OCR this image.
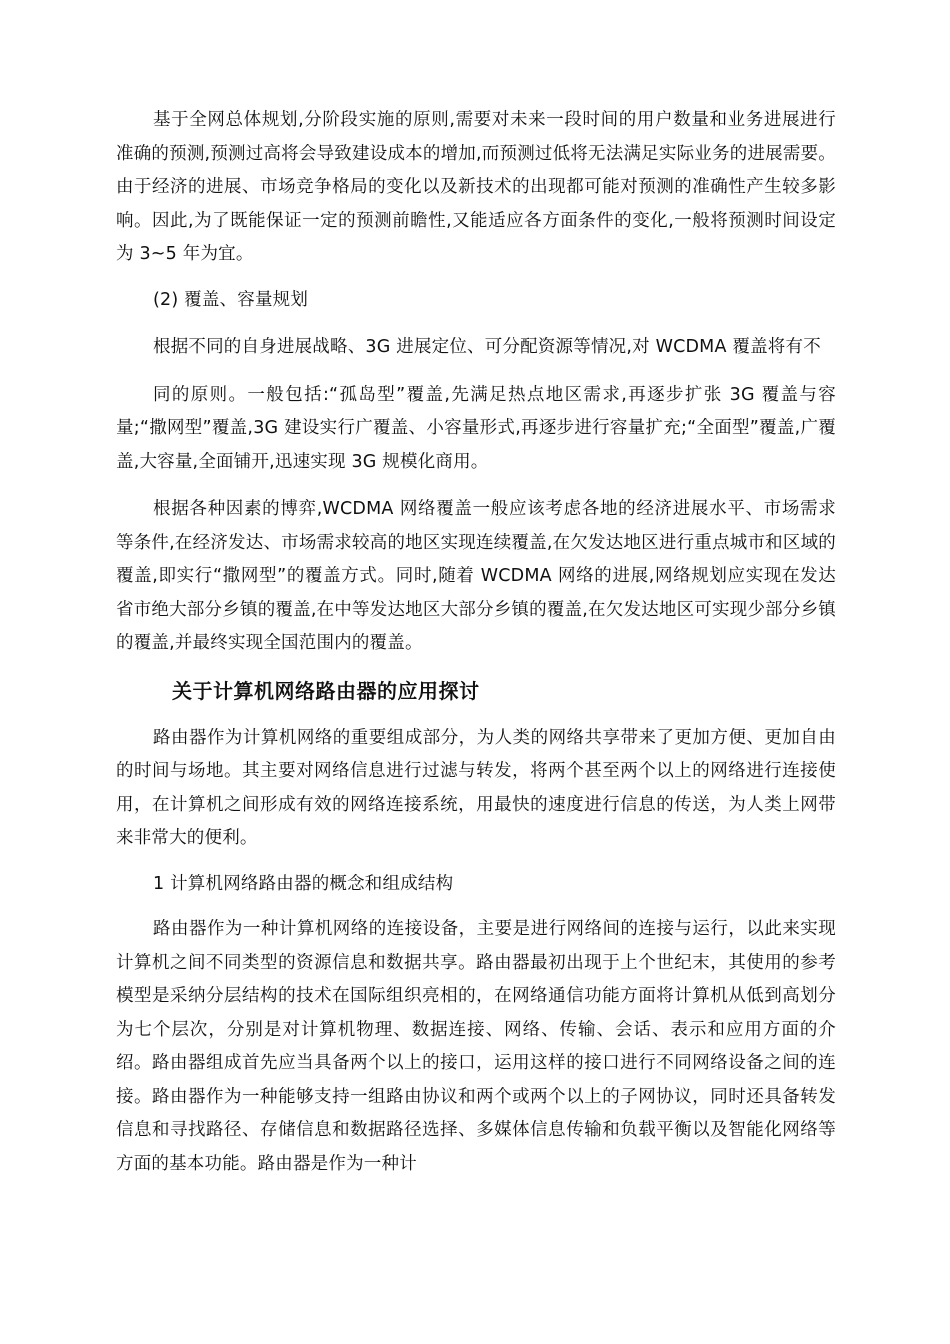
基于全网总体规划,分阶段实施的原则,需要对未来一段时间的用户数量和业务进展进行准确的预测,预测过高将会导致建设成本的增加,而预测过低将无法满足实际业务的进展需要。由于经济的进展、市场竞争格局的变化以及新技术的出现都可能对预测的准确性产生较多影响。因此,为了既能保证一定的预测前瞻性,又能适应各方面条件的变化,一般将预测时间设定为 3~5 年为宜。

(2) 覆盖、容量规划

根据不同的自身进展战略、3G 进展定位、可分配资源等情况,对 WCDMA 覆盖将有不

同的原则。一般包括:“孤岛型”覆盖,先满足热点地区需求,再逐步扩张 3G 覆盖与容量;“撒网型”覆盖,3G 建设实行广覆盖、小容量形式,再逐步进行容量扩充;“全面型”覆盖,广覆盖,大容量,全面铺开,迅速实现 3G 规模化商用。

根据各种因素的博弈,WCDMA 网络覆盖一般应该考虑各地的经济进展水平、市场需求等条件,在经济发达、市场需求较高的地区实现连续覆盖,在欠发达地区进行重点城市和区域的覆盖,即实行“撒网型”的覆盖方式。同时,随着 WCDMA 网络的进展,网络规划应实现在发达省市绝大部分乡镇的覆盖,在中等发达地区大部分乡镇的覆盖,在欠发达地区可实现少部分乡镇的覆盖,并最终实现全国范围内的覆盖。

关于计算机网络路由器的应用探讨

路由器作为计算机网络的重要组成部分，为人类的网络共享带来了更加方便、更加自由的时间与场地。其主要对网络信息进行过滤与转发，将两个甚至两个以上的网络进行连接使用，在计算机之间形成有效的网络连接系统，用最快的速度进行信息的传送，为人类上网带来非常大的便利。

1 计算机网络路由器的概念和组成结构

路由器作为一种计算机网络的连接设备，主要是进行网络间的连接与运行，以此来实现计算机之间不同类型的资源信息和数据共享。路由器最初出现于上个世纪末，其使用的参考模型是采纳分层结构的技术在国际组织亮相的，在网络通信功能方面将计算机从低到高划分为七个层次，分别是对计算机物理、数据连接、网络、传输、会话、表示和应用方面的介绍。路由器组成首先应当具备两个以上的接口，运用这样的接口进行不同网络设备之间的连接。路由器作为一种能够支持一组路由协议和两个或两个以上的子网协议，同时还具备转发信息和寻找路径、存储信息和数据路径选择、多媒体信息传输和负载平衡以及智能化网络等方面的基本功能。路由器是作为一种计
